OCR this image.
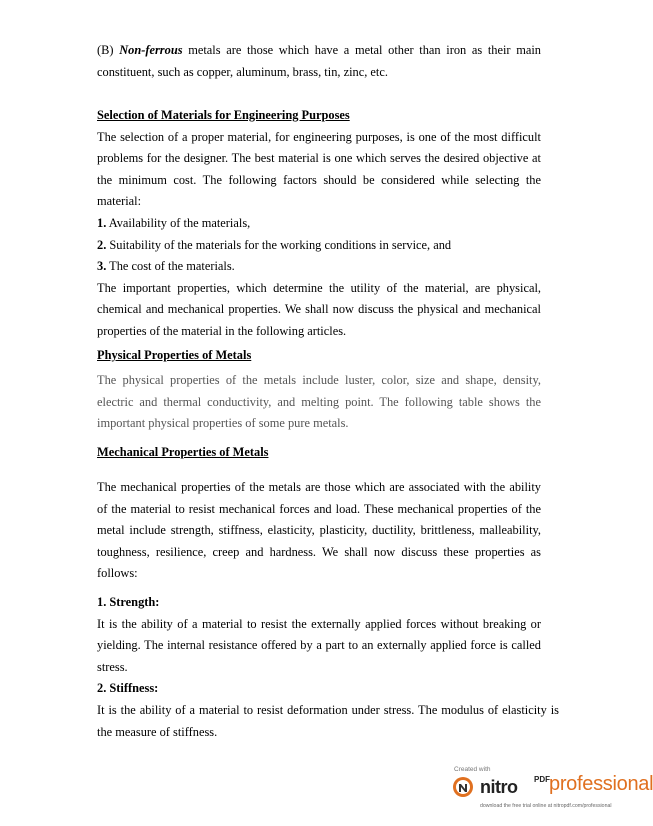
(B) Non-ferrous metals are those which have a metal other than iron as their main
constituent, such as copper, aluminum, brass, tin, zinc, etc.
Selection of Materials for Engineering Purposes
The selection of a proper material, for engineering purposes, is one of the most difficult
problems for the designer. The best material is one which serves the desired objective at
the minimum cost. The following factors should be considered while selecting the
material:
1. Availability of the materials,
2. Suitability of the materials for the working conditions in service, and
3. The cost of the materials.
The important properties, which determine the utility of the material, are physical,
chemical and mechanical properties. We shall now discuss the physical and mechanical
properties of the material in the following articles.
Physical Properties of Metals
The physical properties of the metals include luster, color, size and shape, density,
electric and thermal conductivity, and melting point. The following table shows the
important physical properties of some pure metals.
Mechanical Properties of Metals
The mechanical properties of the metals are those which are associated with the ability
of the material to resist mechanical forces and load. These mechanical properties of the
metal include strength, stiffness, elasticity, plasticity, ductility, brittleness, malleability,
toughness, resilience, creep and hardness. We shall now discuss these properties as
follows:
1. Strength:
It is the ability of a material to resist the externally applied forces without breaking or
yielding. The internal resistance offered by a part to an externally applied force is called
stress.
2. Stiffness:
It is the ability of a material to resist deformation under stress. The modulus of elasticity is
the measure of stiffness.
Created with
nitro PDF professional
download the free trial online at nitropdf.com/professional
